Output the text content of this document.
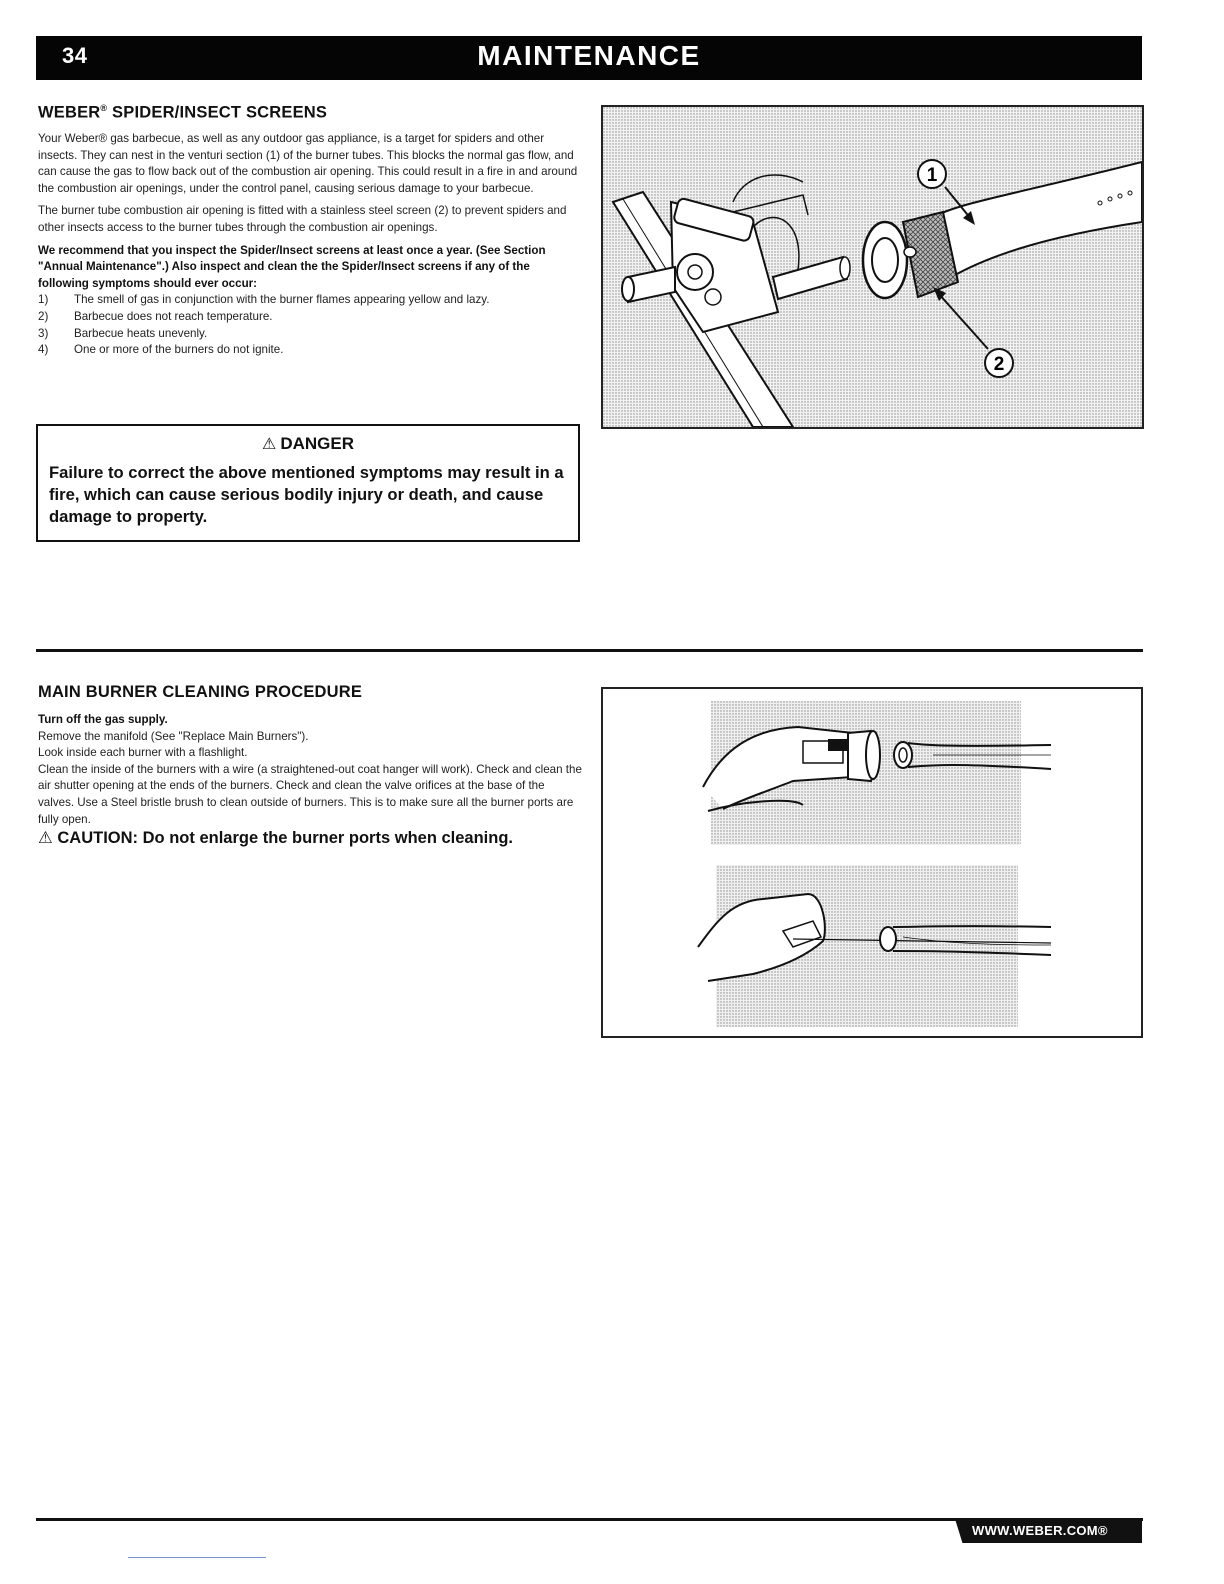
34	MAINTENANCE
WEBER® SPIDER/INSECT SCREENS

Your Weber® gas barbecue, as well as any outdoor gas appliance, is a target for spiders and other insects. They can nest in the venturi section (1) of the burner tubes. This blocks the normal gas flow, and can cause the gas to flow back out of the combustion air opening. This could result in a fire in and around the combustion air openings, under the control panel, causing serious damage to your barbecue.

The burner tube combustion air opening is fitted with a stainless steel screen (2) to prevent spiders and other insects access to the burner tubes through the combustion air openings.

We recommend that you inspect the Spider/Insect screens at least once a year. (See Section "Annual Maintenance".) Also inspect and clean the the Spider/Insect screens if any of the following symptoms should ever occur:

1)	The smell of gas in conjunction with the burner flames appearing yellow and lazy.
2)	Barbecue does not reach temperature.
3)	Barbecue heats unevenly.
4)	One or more of the burners do not ignite.
1
2
⚠ DANGER
Failure to correct the above mentioned symptoms may result in a fire, which can cause serious bodily injury or death, and cause damage to property.
MAIN BURNER CLEANING PROCEDURE
Turn off the gas supply.
Remove the manifold (See "Replace Main Burners").
Look inside each burner with a flashlight.
Clean the inside of the burners with a wire (a straightened-out coat hanger will work). Check and clean the air shutter opening at the ends of the burners. Check and clean the valve orifices at the base of the valves. Use a Steel bristle brush to clean outside of burners. This is to make sure all the burner ports are fully open.
⚠ CAUTION: Do not enlarge the burner ports when cleaning.
WWW.WEBER.COM®
